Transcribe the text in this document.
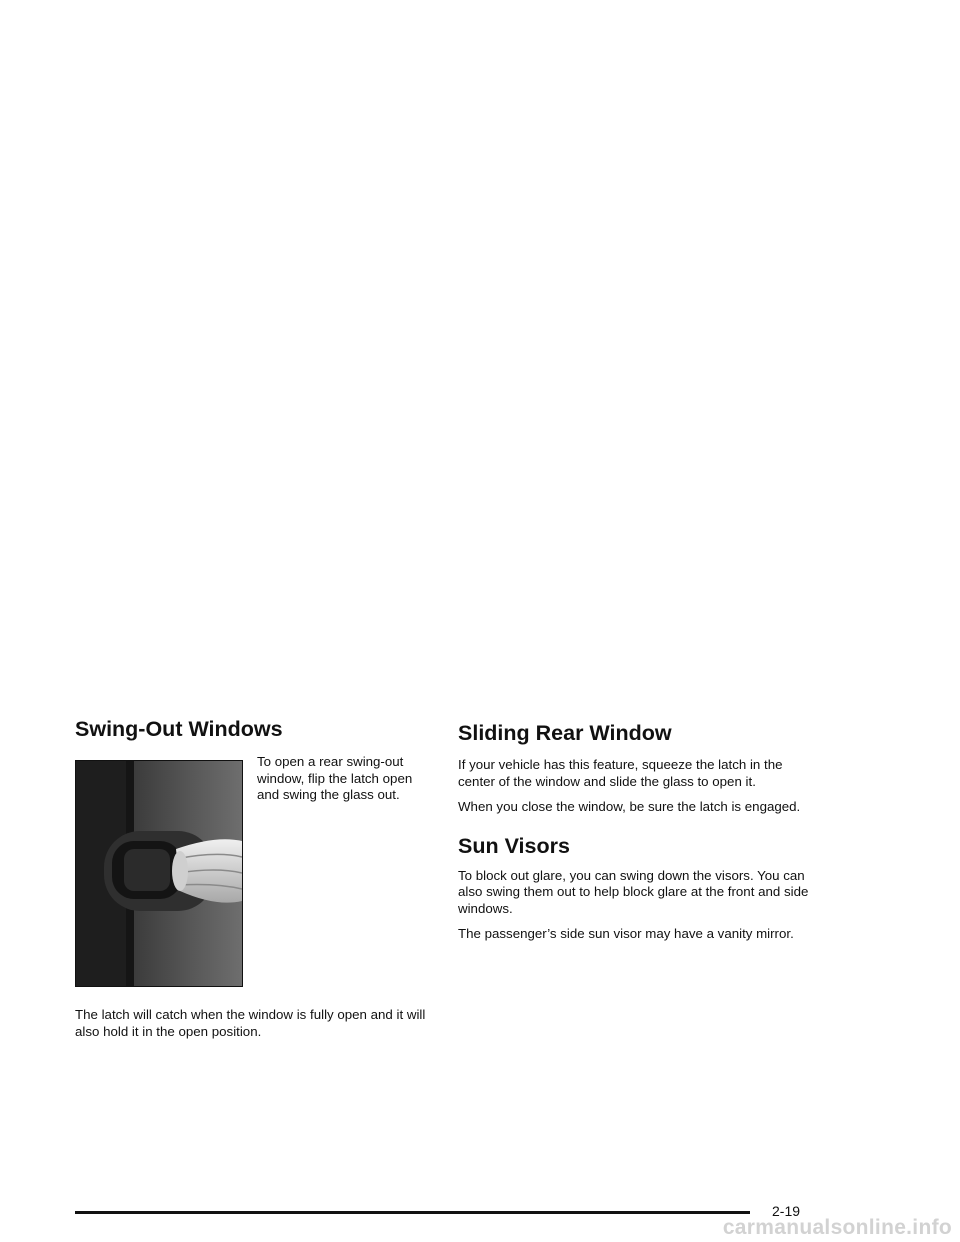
Swing-Out Windows

To open a rear swing-out window, flip the latch open and swing the glass out.

The latch will catch when the window is fully open and it will also hold it in the open position.

Sliding Rear Window

If your vehicle has this feature, squeeze the latch in the center of the window and slide the glass to open it.

When you close the window, be sure the latch is engaged.

Sun Visors

To block out glare, you can swing down the visors. You can also swing them out to help block glare at the front and side windows.

The passenger’s side sun visor may have a vanity mirror.

2-19
carmanualsonline.info
